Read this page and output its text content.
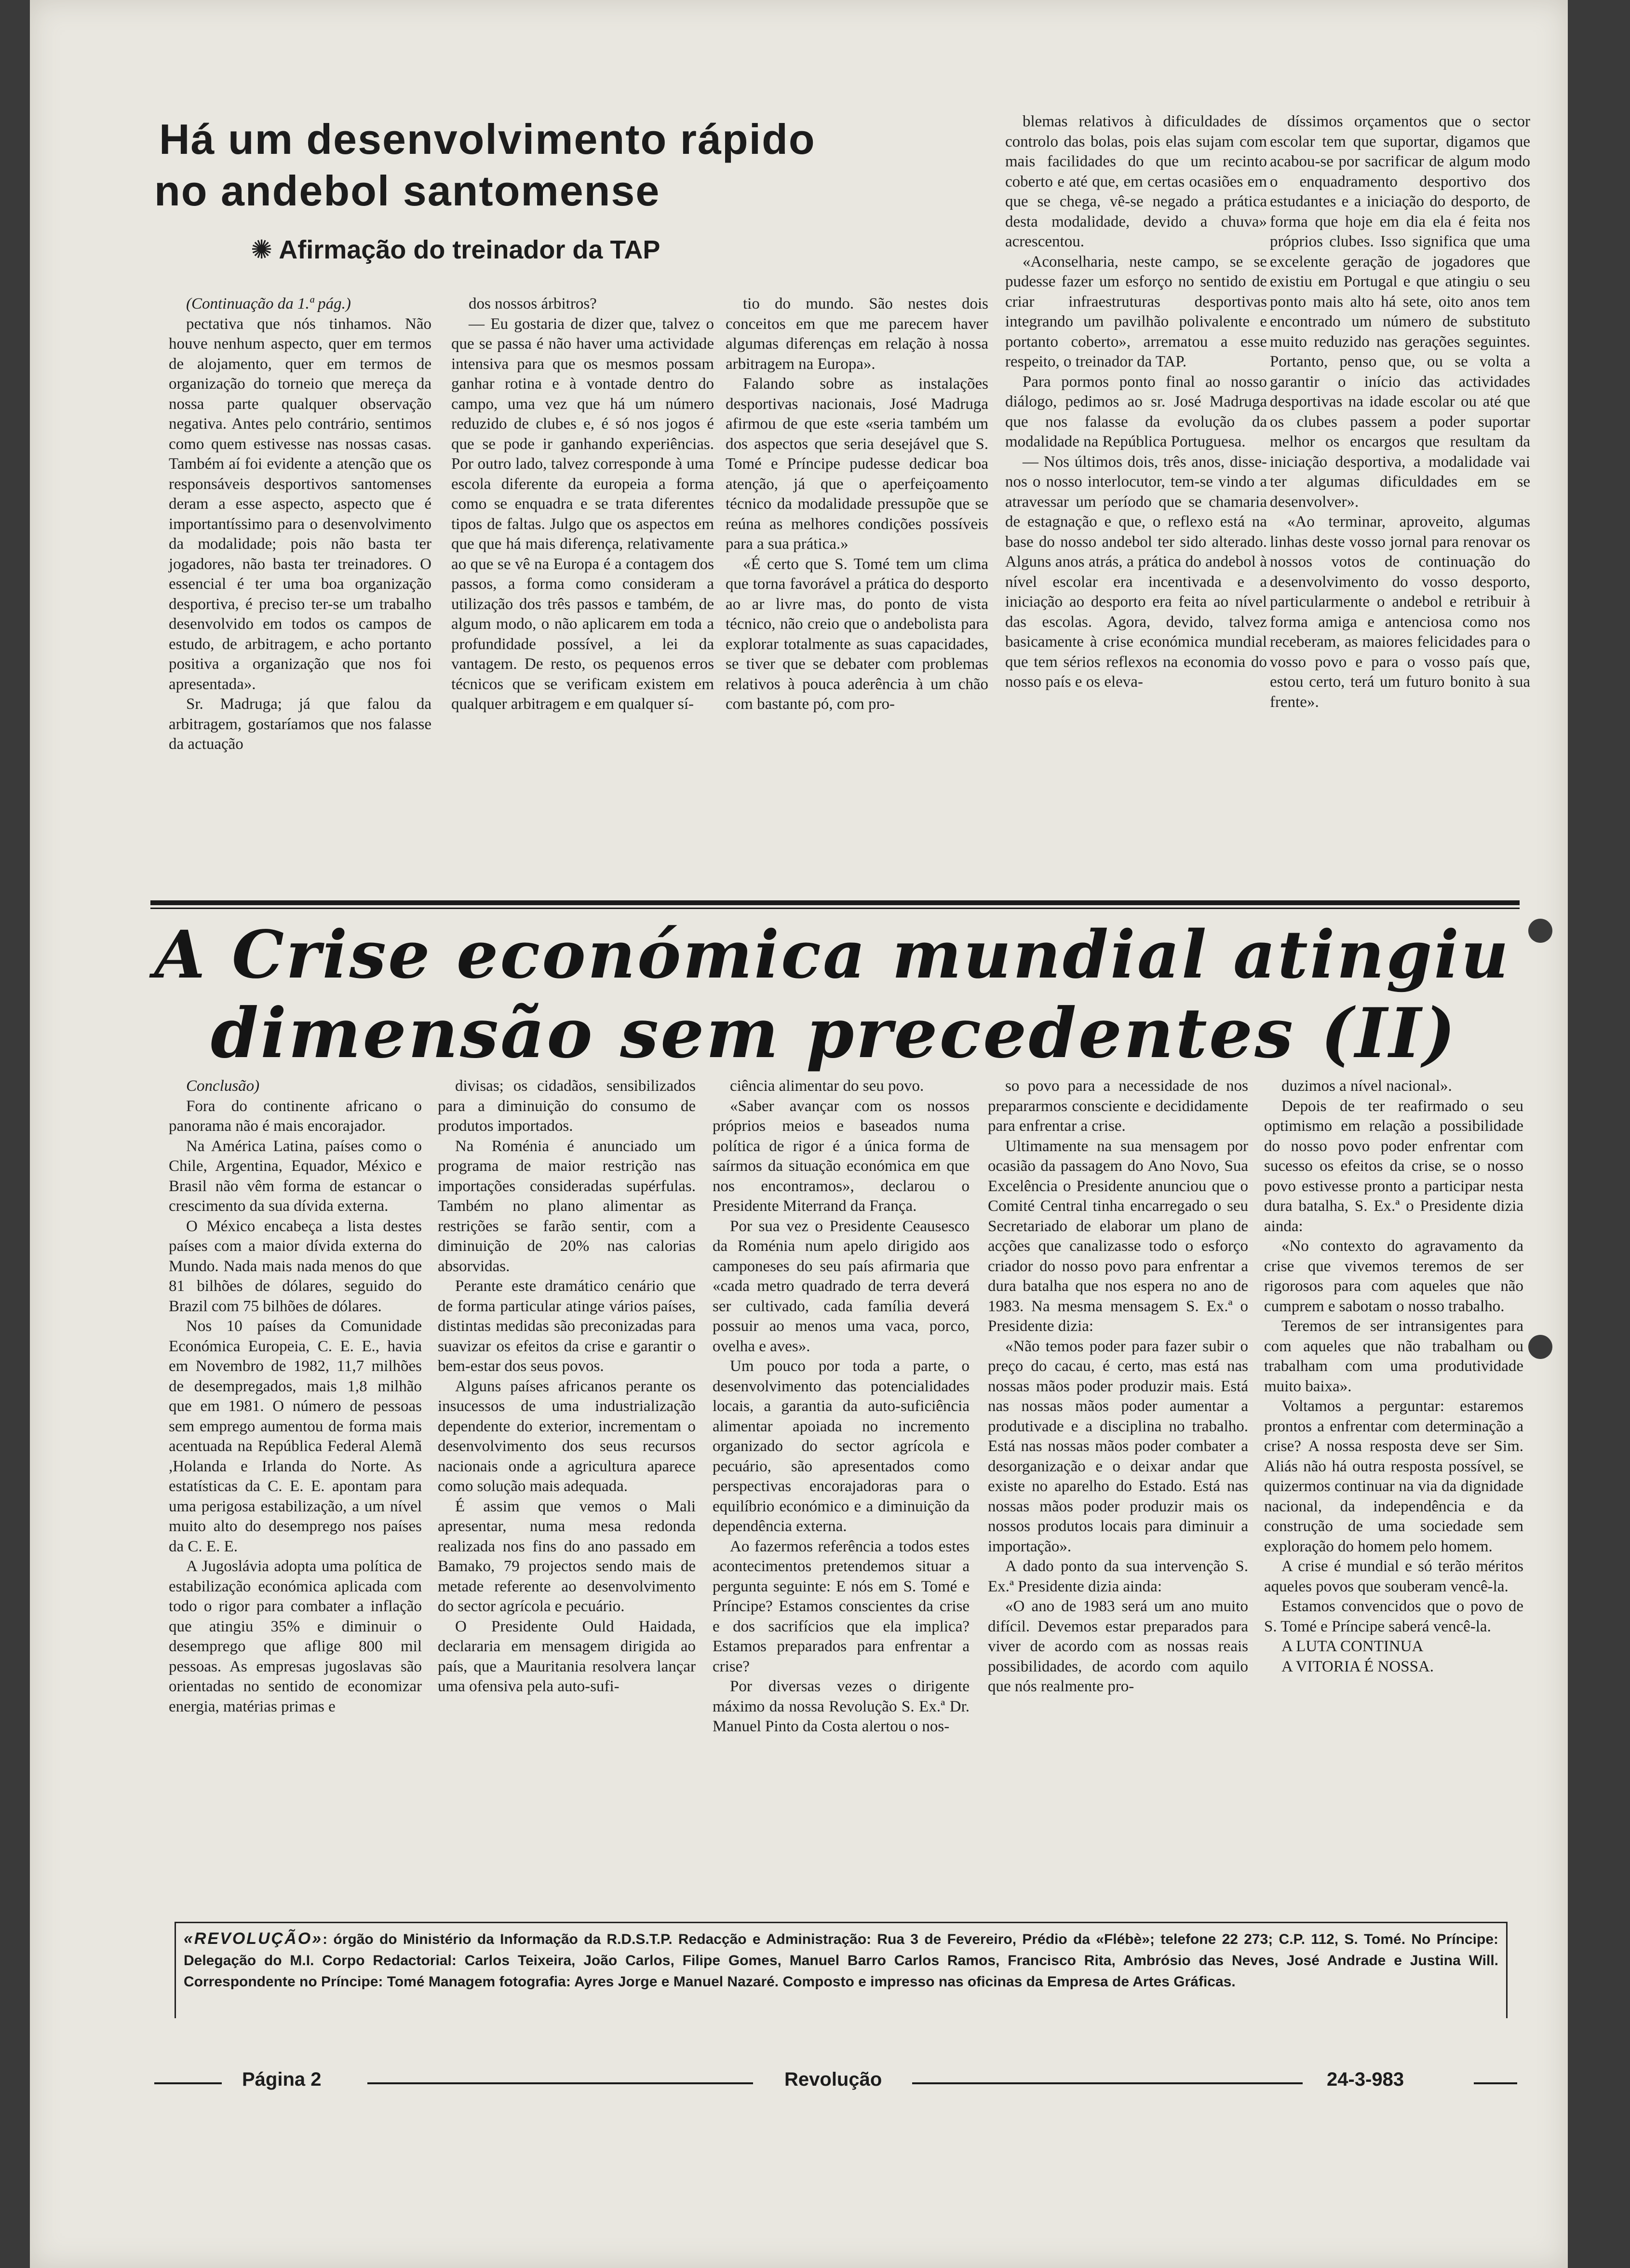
Há um desenvolvimento rápido
no andebol santomense
✺ Afirmação do treinador da TAP

(Continuação da 1.ª pág.)

pectativa que nós tinhamos. Não houve nenhum aspecto, quer em termos de alojamento, quer em termos de organização do torneio que mereça da nossa parte qualquer observação negativa. Antes pelo contrário, sentimos como quem estivesse nas nossas casas. Também aí foi evidente a atenção que os responsáveis desportivos santomenses deram a esse aspecto, aspecto que é importantíssimo para o desenvolvimento da modalidade; pois não basta ter jogadores, não basta ter treinadores. O essencial é ter uma boa organização desportiva, é preciso ter-se um trabalho desenvolvido em todos os campos de estudo, de arbitragem, e acho portanto positiva a organização que nos foi apresentada».

Sr. Madruga; já que falou da arbitragem, gostaríamos que nos falasse da actuação

dos nossos árbitros?

— Eu gostaria de dizer que, talvez o que se passa é não haver uma actividade intensiva para que os mesmos possam ganhar rotina e à vontade dentro do campo, uma vez que há um número reduzido de clubes e, é só nos jogos é que se pode ir ganhando experiências. Por outro lado, talvez corresponde à uma escola diferente da europeia a forma como se enquadra e se trata diferentes tipos de faltas. Julgo que os aspectos em que que há mais diferença, relativamente ao que se vê na Europa é a contagem dos passos, a forma como consideram a utilização dos três passos e também, de algum modo, o não aplicarem em toda a profundidade possível, a lei da vantagem. De resto, os pequenos erros técnicos que se verificam existem em qualquer arbitragem e em qualquer sí-

tio do mundo. São nestes dois conceitos em que me parecem haver algumas diferenças em relação à nossa arbitragem na Europa».

Falando sobre as instalações desportivas nacionais, José Madruga afirmou de que este «seria também um dos aspectos que seria desejável que S. Tomé e Príncipe pudesse dedicar boa atenção, já que o aperfeiçoamento técnico da modalidade pressupõe que se reúna as melhores condições possíveis para a sua prática.»

«É certo que S. Tomé tem um clima que torna favorável a prática do desporto ao ar livre mas, do ponto de vista técnico, não creio que o andebolista para explorar totalmente as suas capacidades, se tiver que se debater com problemas relativos à pouca aderência à um chão com bastante pó, com pro-

blemas relativos à dificuldades de controlo das bolas, pois elas sujam com mais facilidades do que um recinto coberto e até que, em certas ocasiões em que se chega, vê-se negado a prática desta modalidade, devido a chuva» acrescentou.

«Aconselharia, neste campo, se se pudesse fazer um esforço no sentido de criar infraestruturas desportivas integrando um pavilhão polivalente e portanto coberto», arrematou a esse respeito, o treinador da TAP.

Para pormos ponto final ao nosso diálogo, pedimos ao sr. José Madruga que nos falasse da evolução da modalidade na República Portuguesa.

— Nos últimos dois, três anos, disse-nos o nosso interlocutor, tem-se vindo a atravessar um período que se chamaria de estagnação e que, o reflexo está na base do nosso andebol ter sido alterado. Alguns anos atrás, a prática do andebol à nível escolar era incentivada e a iniciação ao desporto era feita ao nível das escolas. Agora, devido, talvez basicamente à crise económica mundial que tem sérios reflexos na economia do nosso país e os eleva-

díssimos orçamentos que o sector escolar tem que suportar, digamos que acabou-se por sacrificar de algum modo o enquadramento desportivo dos estudantes e a iniciação do desporto, de forma que hoje em dia ela é feita nos próprios clubes. Isso significa que uma excelente geração de jogadores que existiu em Portugal e que atingiu o seu ponto mais alto há sete, oito anos tem encontrado um número de substituto muito reduzido nas gerações seguintes. Portanto, penso que, ou se volta a garantir o início das actividades desportivas na idade escolar ou até que os clubes passem a poder suportar melhor os encargos que resultam da iniciação desportiva, a modalidade vai ter algumas dificuldades em se desenvolver».

«Ao terminar, aproveito, algumas linhas deste vosso jornal para renovar os nossos votos de continuação do desenvolvimento do vosso desporto, particularmente o andebol e retribuir à forma amiga e antenciosa como nos receberam, as maiores felicidades para o vosso povo e para o vosso país que, estou certo, terá um futuro bonito à sua frente».

A Crise económica mundial atingiu
dimensão sem precedentes (II)

Conclusão)

Fora do continente africano o panorama não é mais encorajador.

Na América Latina, países como o Chile, Argentina, Equador, México e Brasil não vêm forma de estancar o crescimento da sua dívida externa.

O México encabeça a lista destes países com a maior dívida externa do Mundo. Nada mais nada menos do que 81 bilhões de dólares, seguido do Brazil com 75 bilhões de dólares.

Nos 10 países da Comunidade Económica Europeia, C. E. E., havia em Novembro de 1982, 11,7 milhões de desempregados, mais 1,8 milhão que em 1981. O número de pessoas sem emprego aumentou de forma mais acentuada na República Federal Alemã ,Holanda e Irlanda do Norte. As estatísticas da C. E. E. apontam para uma perigosa estabilização, a um nível muito alto do desemprego nos países da C. E. E.

A Jugoslávia adopta uma política de estabilização económica aplicada com todo o rigor para combater a inflação que atingiu 35% e diminuir o desemprego que aflige 800 mil pessoas. As empresas jugoslavas são orientadas no sentido de economizar energia, matérias primas e

divisas; os cidadãos, sensibilizados para a diminuição do consumo de produtos importados.

Na Roménia é anunciado um programa de maior restrição nas importações consideradas supérfulas. Também no plano alimentar as restrições se farão sentir, com a diminuição de 20% nas calorias absorvidas.

Perante este dramático cenário que de forma particular atinge vários países, distintas medidas são preconizadas para suavizar os efeitos da crise e garantir o bem-estar dos seus povos.

Alguns países africanos perante os insucessos de uma industrialização dependente do exterior, incrementam o desenvolvimento dos seus recursos nacionais onde a agricultura aparece como solução mais adequada.

É assim que vemos o Mali apresentar, numa mesa redonda realizada nos fins do ano passado em Bamako, 79 projectos sendo mais de metade referente ao desenvolvimento do sector agrícola e pecuário.

O Presidente Ould Haidada, declararia em mensagem dirigida ao país, que a Mauritania resolvera lançar uma ofensiva pela auto-sufi-

ciência alimentar do seu povo.

«Saber avançar com os nossos próprios meios e baseados numa política de rigor é a única forma de saírmos da situação económica em que nos encontramos», declarou o Presidente Miterrand da França.

Por sua vez o Presidente Ceausesco da Roménia num apelo dirigido aos camponeses do seu país afirmaria que «cada metro quadrado de terra deverá ser cultivado, cada família deverá possuir ao menos uma vaca, porco, ovelha e aves».

Um pouco por toda a parte, o desenvolvimento das potencialidades locais, a garantia da auto-suficiência alimentar apoiada no incremento organizado do sector agrícola e pecuário, são apresentados como perspectivas encorajadoras para o equilíbrio económico e a diminuição da dependência externa.

Ao fazermos referência a todos estes acontecimentos pretendemos situar a pergunta seguinte: E nós em S. Tomé e Príncipe? Estamos conscientes da crise e dos sacrifícios que ela implica? Estamos preparados para enfrentar a crise?

Por diversas vezes o dirigente máximo da nossa Revolução S. Ex.ª Dr. Manuel Pinto da Costa alertou o nos-

so povo para a necessidade de nos prepararmos consciente e decididamente para enfrentar a crise.

Ultimamente na sua mensagem por ocasião da passagem do Ano Novo, Sua Excelência o Presidente anunciou que o Comité Central tinha encarregado o seu Secretariado de elaborar um plano de acções que canalizasse todo o esforço criador do nosso povo para enfrentar a dura batalha que nos espera no ano de 1983. Na mesma mensagem S. Ex.ª o Presidente dizia:

«Não temos poder para fazer subir o preço do cacau, é certo, mas está nas nossas mãos poder produzir mais. Está nas nossas mãos poder aumentar a produtivade e a disciplina no trabalho. Está nas nossas mãos poder combater a desorganização e o deixar andar que existe no aparelho do Estado. Está nas nossas mãos poder produzir mais os nossos produtos locais para diminuir a importação».

A dado ponto da sua intervenção S. Ex.ª Presidente dizia ainda:

«O ano de 1983 será um ano muito difícil. Devemos estar preparados para viver de acordo com as nossas reais possibilidades, de acordo com aquilo que nós realmente pro-

duzimos a nível nacional».

Depois de ter reafirmado o seu optimismo em relação a possibilidade do nosso povo poder enfrentar com sucesso os efeitos da crise, se o nosso povo estivesse pronto a participar nesta dura batalha, S. Ex.ª o Presidente dizia ainda:

«No contexto do agravamento da crise que vivemos teremos de ser rigorosos para com aqueles que não cumprem e sabotam o nosso trabalho.

Teremos de ser intransigentes para com aqueles que não trabalham ou trabalham com uma produtividade muito baixa».

Voltamos a perguntar: estaremos prontos a enfrentar com determinação a crise? A nossa resposta deve ser Sim. Aliás não há outra resposta possível, se quizermos continuar na via da dignidade nacional, da independência e da construção de uma sociedade sem exploração do homem pelo homem.

A crise é mundial e só terão méritos aqueles povos que souberam vencê-la.

Estamos convencidos que o povo de S. Tomé e Príncipe saberá vencê-la.

A LUTA CONTINUA

A VITORIA É NOSSA.

«REVOLUÇÃO»: órgão do Ministério da Informação da R.D.S.T.P. Redacção e Administração: Rua 3 de Fevereiro, Prédio da «Flébè»; telefone 22 273; C.P. 112, S. Tomé. No Príncipe: Delegação do M.I. Corpo Redactorial: Carlos Teixeira, João Carlos, Filipe Gomes, Manuel Barro Carlos Ramos, Francisco Rita, Ambrósio das Neves, José Andrade e Justina Will. Correspondente no Príncipe: Tomé Managem fotografia: Ayres Jorge e Manuel Nazaré. Composto e impresso nas oficinas da Empresa de Artes Gráficas.
Página 2	Revolução	24-3-983
